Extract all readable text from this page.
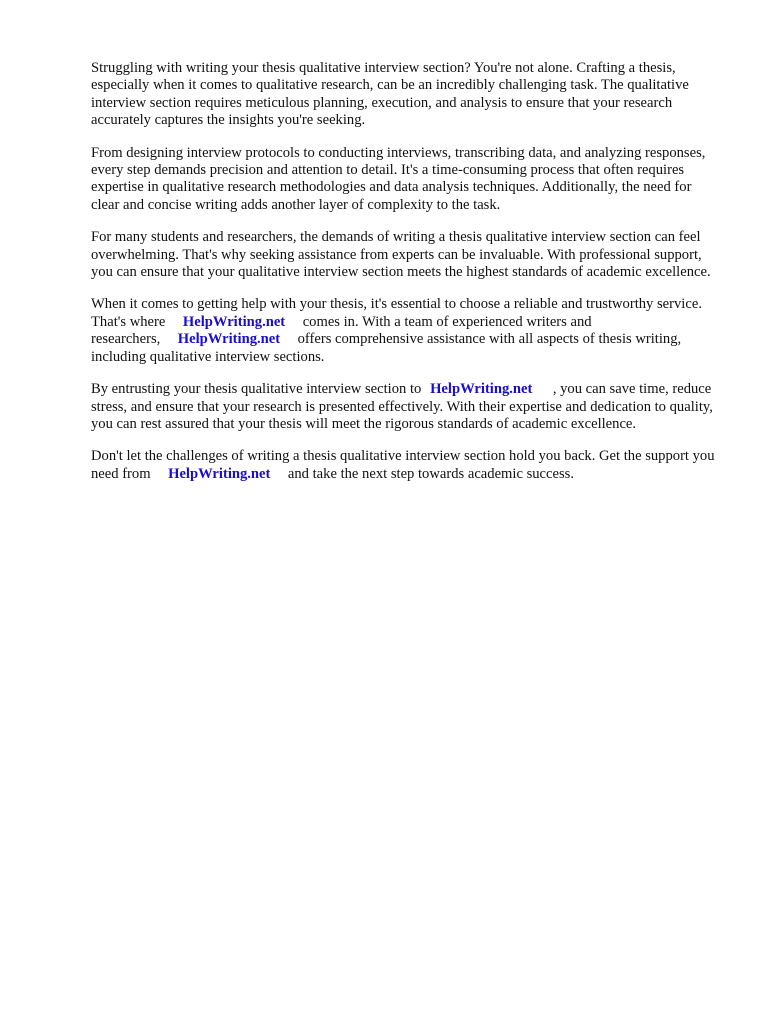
Struggling with writing your thesis qualitative interview section? You're not alone. Crafting a thesis, especially when it comes to qualitative research, can be an incredibly challenging task. The qualitative interview section requires meticulous planning, execution, and analysis to ensure that your research accurately captures the insights you're seeking.

From designing interview protocols to conducting interviews, transcribing data, and analyzing responses, every step demands precision and attention to detail. It's a time-consuming process that often requires expertise in qualitative research methodologies and data analysis techniques. Additionally, the need for clear and concise writing adds another layer of complexity to the task.

For many students and researchers, the demands of writing a thesis qualitative interview section can feel overwhelming. That's why seeking assistance from experts can be invaluable. With professional support, you can ensure that your qualitative interview section meets the highest standards of academic excellence.

When it comes to getting help with your thesis, it's essential to choose a reliable and trustworthy service. That's where HelpWriting.net comes in. With a team of experienced writers and researchers, HelpWriting.net offers comprehensive assistance with all aspects of thesis writing, including qualitative interview sections.

By entrusting your thesis qualitative interview section to HelpWriting.net , you can save time, reduce stress, and ensure that your research is presented effectively. With their expertise and dedication to quality, you can rest assured that your thesis will meet the rigorous standards of academic excellence.

Don't let the challenges of writing a thesis qualitative interview section hold you back. Get the support you need from HelpWriting.net and take the next step towards academic success.
